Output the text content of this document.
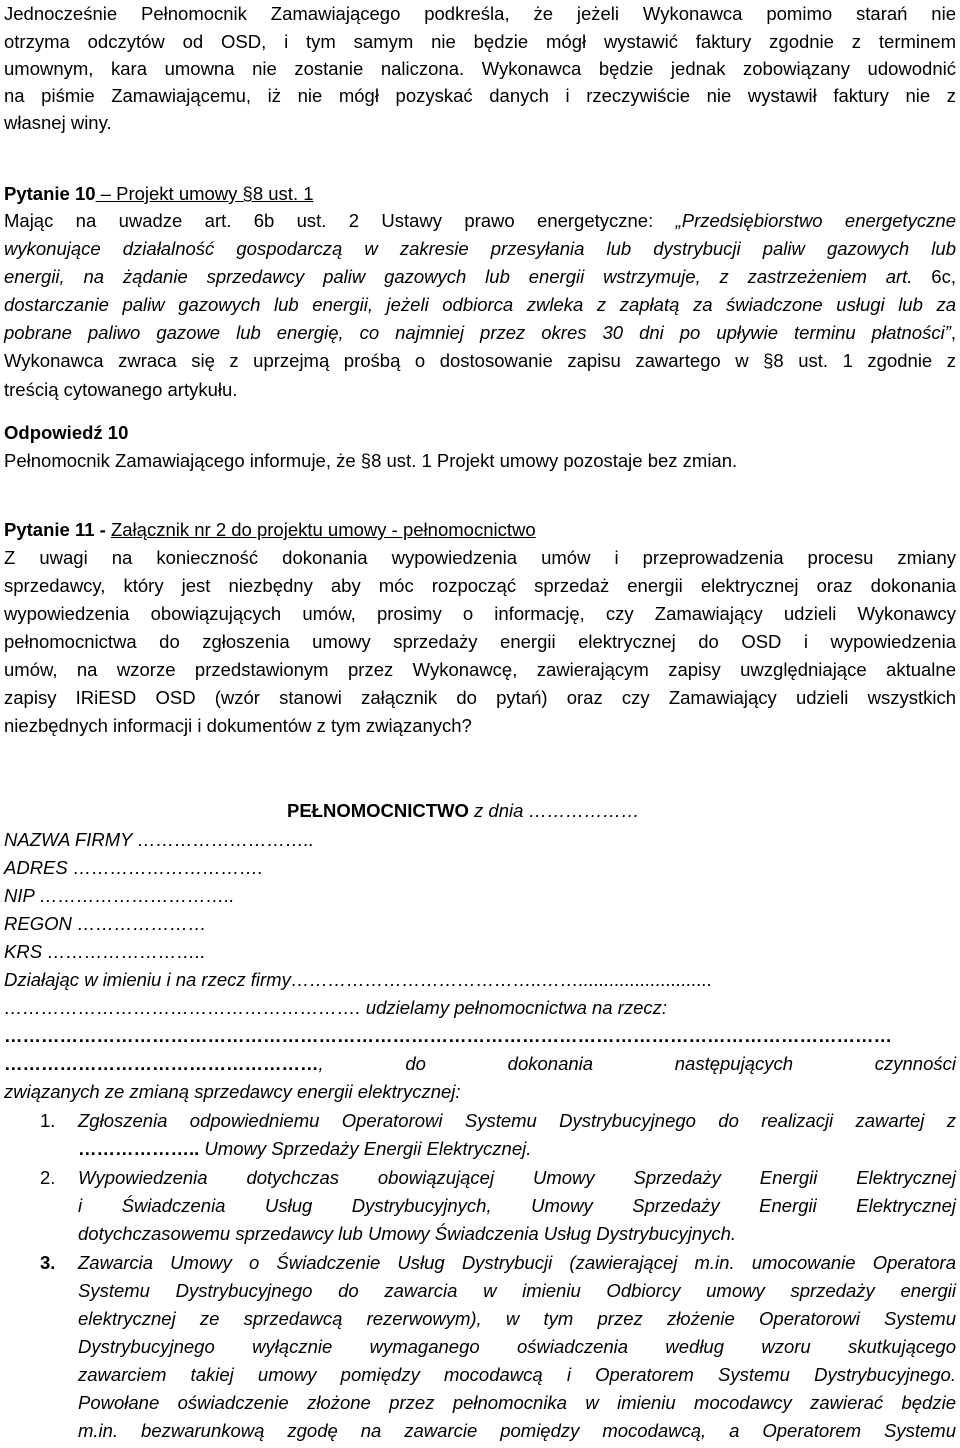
Jednocześnie Pełnomocnik Zamawiającego podkreśla, że jeżeli Wykonawca pomimo starań nie
otrzyma odczytów od OSD, i tym samym nie będzie mógł wystawić faktury zgodnie z terminem
umownym, kara umowna nie zostanie naliczona. Wykonawca będzie jednak zobowiązany udowodnić
na piśmie Zamawiającemu, iż nie mógł pozyskać danych i rzeczywiście nie wystawił faktury nie z
własnej winy.
Pytanie 10 – Projekt umowy §8 ust. 1
Mając na uwadze art. 6b ust. 2 Ustawy prawo energetyczne: „Przedsiębiorstwo energetyczne
wykonujące działalność gospodarczą w zakresie przesyłania lub dystrybucji paliw gazowych lub
energii, na żądanie sprzedawcy paliw gazowych lub energii wstrzymuje, z zastrzeżeniem art. 6c,
dostarczanie paliw gazowych lub energii, jeżeli odbiorca zwleka z zapłatą za świadczone usługi lub za
pobrane paliwo gazowe lub energię, co najmniej przez okres 30 dni po upływie terminu płatności”,
Wykonawca zwraca się z uprzejmą prośbą o dostosowanie zapisu zawartego w §8 ust. 1 zgodnie z
treścią cytowanego artykułu.
Odpowiedź 10
Pełnomocnik Zamawiającego informuje, że §8 ust. 1 Projekt umowy pozostaje bez zmian.
Pytanie 11 - Załącznik nr 2 do projektu umowy - pełnomocnictwo
Z uwagi na konieczność dokonania wypowiedzenia umów i przeprowadzenia procesu zmiany
sprzedawcy, który jest niezbędny aby móc rozpocząć sprzedaż energii elektrycznej oraz dokonania
wypowiedzenia obowiązujących umów, prosimy o informację, czy Zamawiający udzieli Wykonawcy
pełnomocnictwa do zgłoszenia umowy sprzedaży energii elektrycznej do OSD i wypowiedzenia
umów, na wzorze przedstawionym przez Wykonawcę, zawierającym zapisy uwzględniające aktualne
zapisy IRiESD OSD (wzór stanowi załącznik do pytań) oraz czy Zamawiający udzieli wszystkich
niezbędnych informacji i dokumentów z tym związanych?
PEŁNOMOCNICTWO z dnia ………………
NAZWA FIRMY ………………………..
ADRES ………………………….
NIP …………………………..
REGON …………………
KRS ……………………..
Działając w imieniu i na rzecz firmy…………………………………..……..........................
…………………………………………………. udzielamy pełnomocnictwa na rzecz:
………………………………………………………………………………………………………………………………
……………………………………………, do dokonania następujących czynności
związanych ze zmianą sprzedawcy energii elektrycznej:
1. Zgłoszenia odpowiedniemu Operatorowi Systemu Dystrybucyjnego do realizacji zawartej z
……………….. Umowy Sprzedaży Energii Elektrycznej.
2. Wypowiedzenia dotychczas obowiązującej Umowy Sprzedaży Energii Elektrycznej
i Świadczenia Usług Dystrybucyjnych, Umowy Sprzedaży Energii Elektrycznej
dotychczasowemu sprzedawcy lub Umowy Świadczenia Usług Dystrybucyjnych.
3. Zawarcia Umowy o Świadczenie Usług Dystrybucji (zawierającej m.in. umocowanie Operatora
Systemu Dystrybucyjnego do zawarcia w imieniu Odbiorcy umowy sprzedaży energii
elektrycznej ze sprzedawcą rezerwowym), w tym przez złożenie Operatorowi Systemu
Dystrybucyjnego wyłącznie wymaganego oświadczenia według wzoru skutkującego
zawarciem takiej umowy pomiędzy mocodawcą i Operatorem Systemu Dystrybucyjnego.
Powołane oświadczenie złożone przez pełnomocnika w imieniu mocodawcy zawierać będzie
m.in. bezwarunkową zgodę na zawarcie pomiędzy mocodawcą, a Operatorem Systemu
